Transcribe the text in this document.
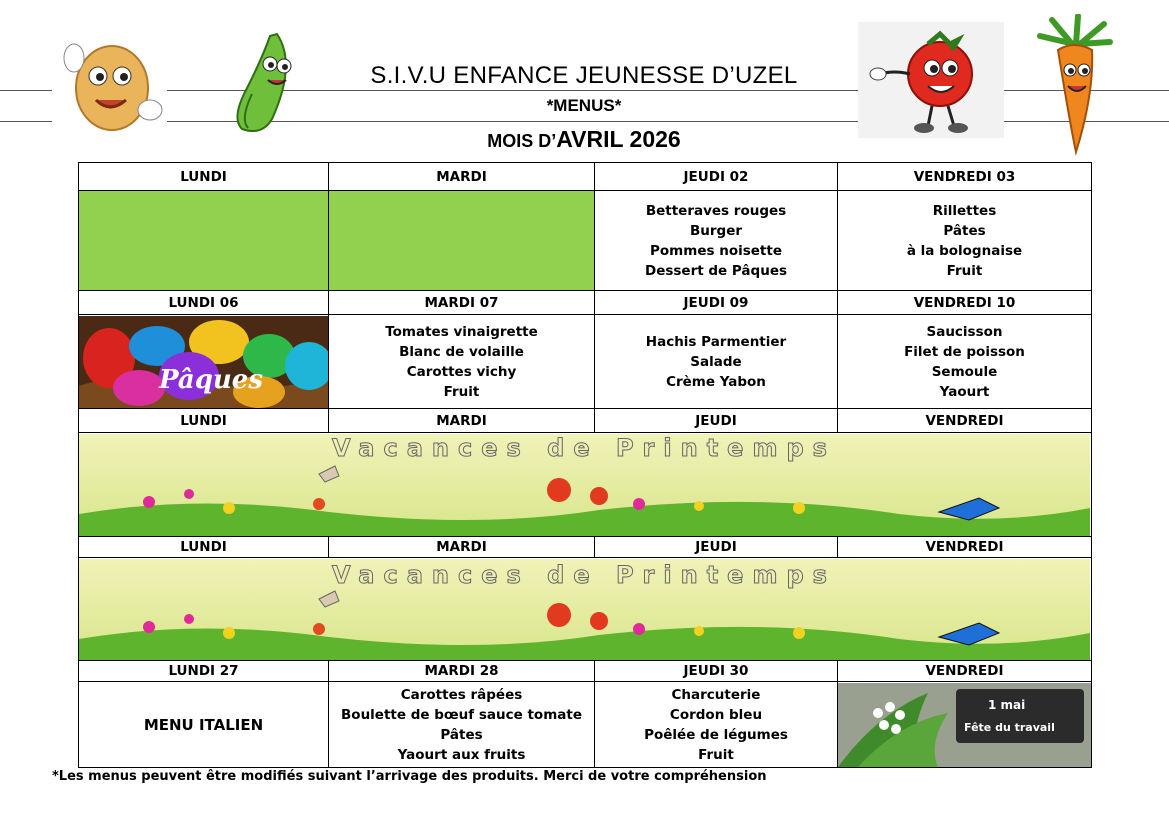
S.I.V.U ENFANCE JEUNESSE D’UZEL
*MENUS*
MOIS D’AVRIL 2026
LUNDI	MARDI	JEUDI 02	VENDREDI 03

		Betteraves rouges
Burger
Pommes noisette
Dessert de Pâques	Rillettes
Pâtes
à la bolognaise
Fruit

LUNDI 06	MARDI 07	JEUDI 09	VENDREDI 10

Pâques	Tomates vinaigrette
Blanc de volaille
Carottes vichy
Fruit	Hachis Parmentier
Salade
Crème Yabon	Saucisson
Filet de poisson
Semoule
Yaourt

LUNDI	MARDI	JEUDI	VENDREDI

Vacances de Printemps			

LUNDI	MARDI	JEUDI	VENDREDI

Vacances de Printemps			

LUNDI 27	MARDI 28	JEUDI 30	VENDREDI

MENU ITALIEN	Carottes râpées
Boulette de bœuf sauce tomate
Pâtes
Yaourt aux fruits	Charcuterie
Cordon bleu
Poêlée de légumes
Fruit	1 mai
Fête du travail
*Les menus peuvent être modifiés suivant l’arrivage des produits. Merci de votre compréhension
